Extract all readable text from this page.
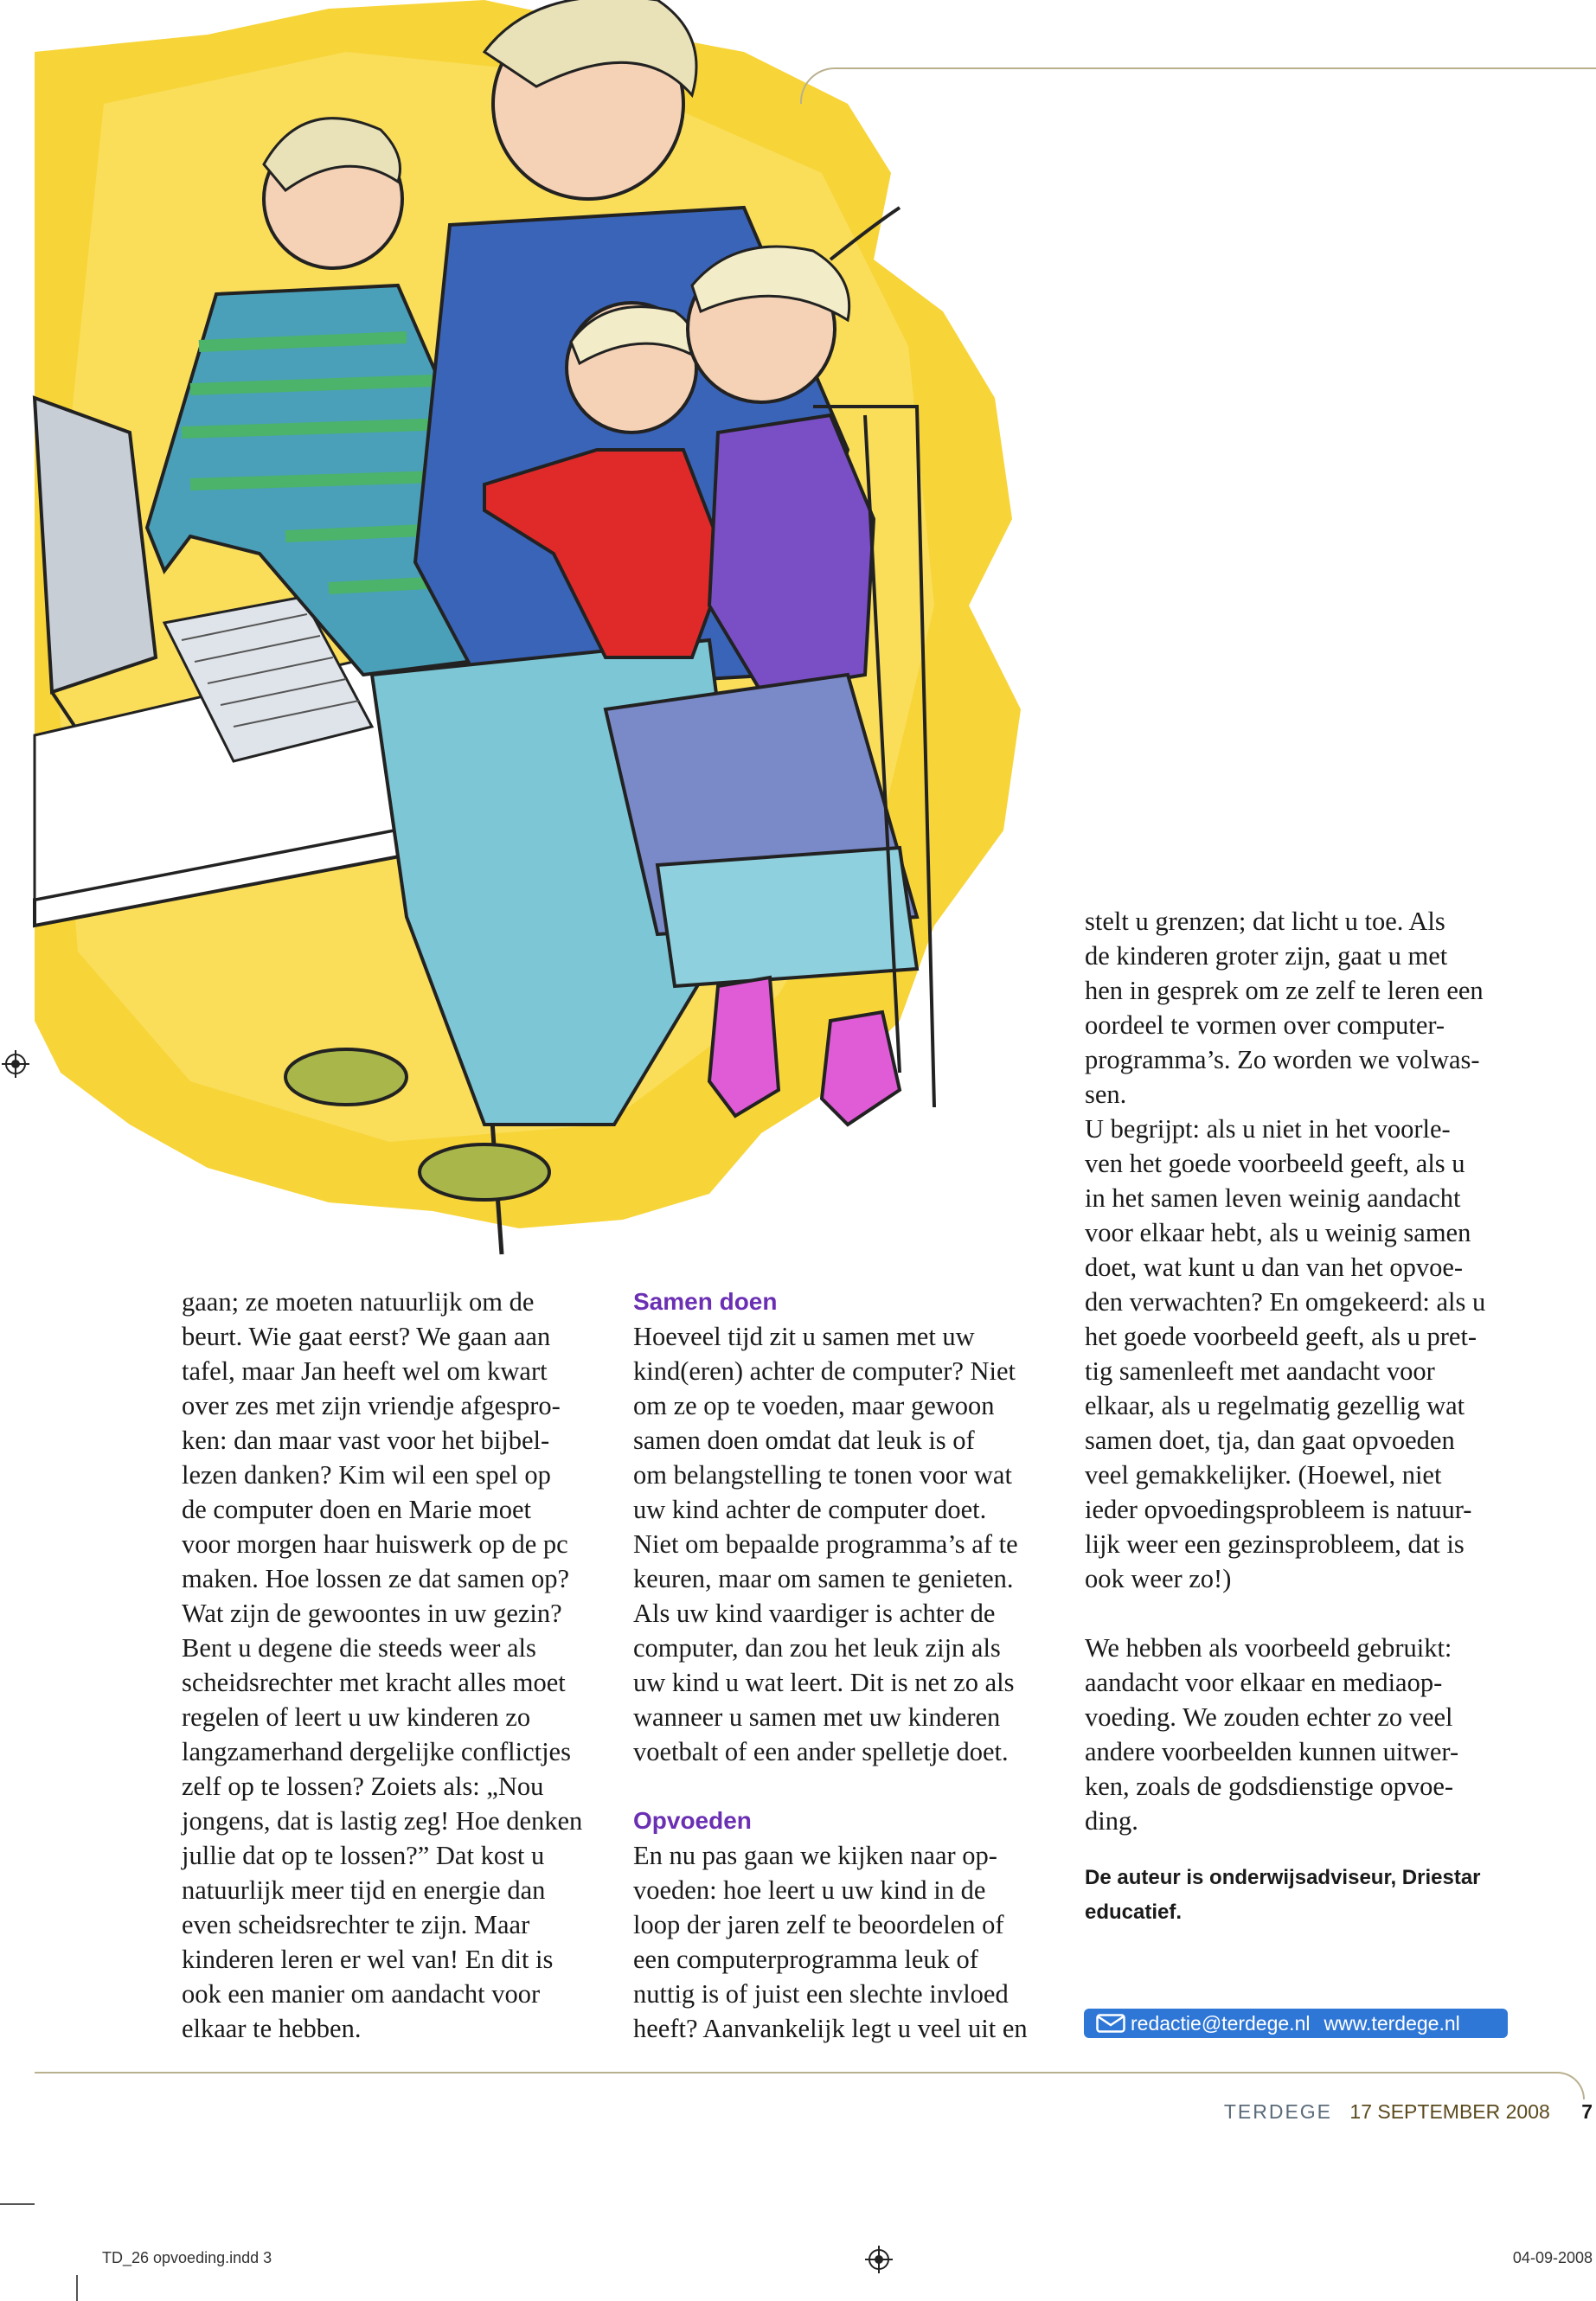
gaan; ze moeten natuurlijk om de
beurt. Wie gaat eerst? We gaan aan
tafel, maar Jan heeft wel om kwart
over zes met zijn vriendje afgespro-
ken: dan maar vast voor het bijbel-
lezen danken? Kim wil een spel op
de computer doen en Marie moet
voor morgen haar huiswerk op de pc
maken. Hoe lossen ze dat samen op?
Wat zijn de gewoontes in uw gezin?
Bent u degene die steeds weer als
scheidsrechter met kracht alles moet
regelen of leert u uw kinderen zo
langzamerhand dergelijke conflictjes
zelf op te lossen? Zoiets als: „Nou
jongens, dat is lastig zeg! Hoe denken
jullie dat op te lossen?” Dat kost u
natuurlijk meer tijd en energie dan
even scheidsrechter te zijn. Maar
kinderen leren er wel van! En dit is
ook een manier om aandacht voor
elkaar te hebben.

Samen doen

Hoeveel tijd zit u samen met uw
kind(eren) achter de computer? Niet
om ze op te voeden, maar gewoon
samen doen omdat dat leuk is of
om belangstelling te tonen voor wat
uw kind achter de computer doet.
Niet om bepaalde programma’s af te
keuren, maar om samen te genieten.
Als uw kind vaardiger is achter de
computer, dan zou het leuk zijn als
uw kind u wat leert. Dit is net zo als
wanneer u samen met uw kinderen
voetbalt of een ander spelletje doet.

Opvoeden

En nu pas gaan we kijken naar op-
voeden: hoe leert u uw kind in de
loop der jaren zelf te beoordelen of
een computerprogramma leuk of
nuttig is of juist een slechte invloed
heeft? Aanvankelijk legt u veel uit en

stelt u grenzen; dat licht u toe. Als
de kinderen groter zijn, gaat u met
hen in gesprek om ze zelf te leren een
oordeel te vormen over computer-
programma’s. Zo worden we volwas-
sen.
U begrijpt: als u niet in het voorle-
ven het goede voorbeeld geeft, als u
in het samen leven weinig aandacht
voor elkaar hebt, als u weinig samen
doet, wat kunt u dan van het opvoe-
den verwachten? En omgekeerd: als u
het goede voorbeeld geeft, als u pret-
tig samenleeft met aandacht voor
elkaar, als u regelmatig gezellig wat
samen doet, tja, dan gaat opvoeden
veel gemakkelijker. (Hoewel, niet
ieder opvoedingsprobleem is natuur-
lijk weer een gezinsprobleem, dat is
ook weer zo!)

We hebben als voorbeeld gebruikt:
aandacht voor elkaar en mediaop-
voeding. We zouden echter zo veel
andere voorbeelden kunnen uitwer-
ken, zoals de godsdienstige opvoe-
ding.

De auteur is onderwijsadviseur, Driestar
educatief.
redactie@terdege.nl www.terdege.nl
TERDEGE 17 SEPTEMBER 2008 7
TD_26 opvoeding.indd 3	04-09-2008
